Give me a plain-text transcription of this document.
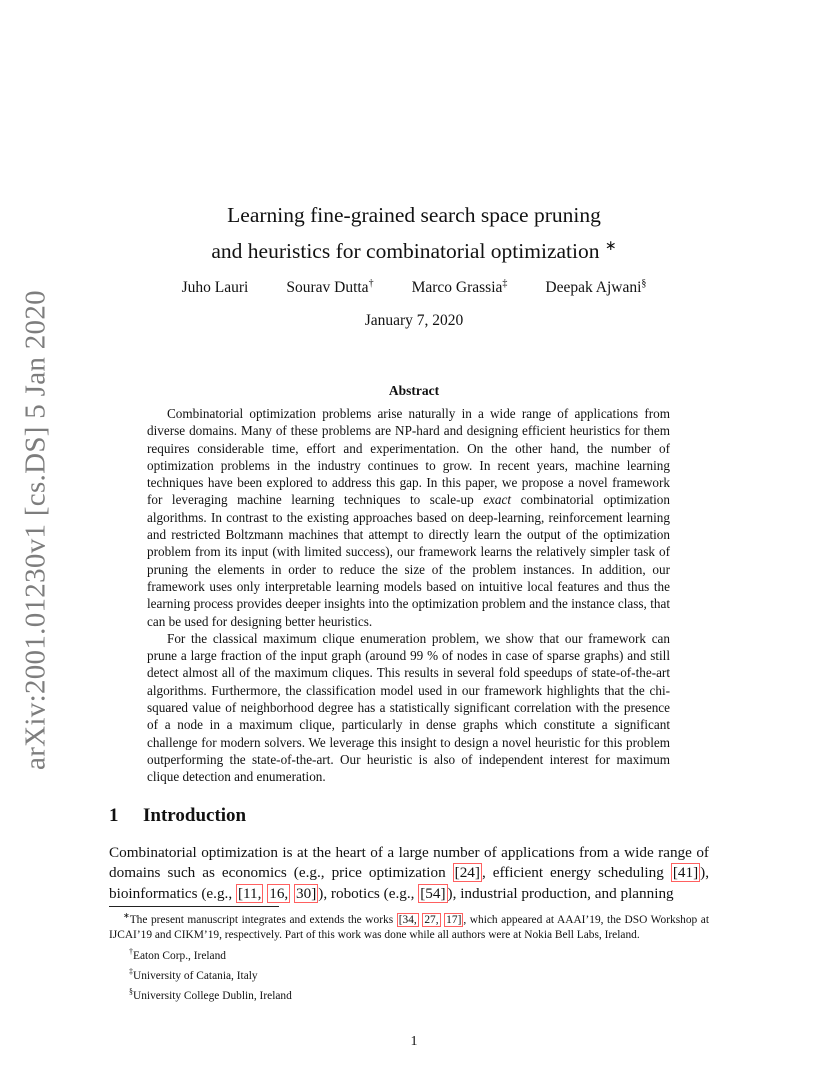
arXiv:2001.01230v1 [cs.DS] 5 Jan 2020
Learning fine-grained search space pruning
and heuristics for combinatorial optimization ∗
Juho Lauri Sourav Dutta† Marco Grassia‡ Deepak Ajwani§
January 7, 2020
Abstract

Combinatorial optimization problems arise naturally in a wide range of applications from diverse domains. Many of these problems are NP-hard and designing efficient heuristics for them requires considerable time, effort and experimentation. On the other hand, the number of optimization problems in the industry continues to grow. In recent years, machine learning techniques have been explored to address this gap. In this paper, we propose a novel framework for leveraging machine learning techniques to scale-up exact combinatorial optimization algorithms. In contrast to the existing approaches based on deep-learning, reinforcement learning and restricted Boltzmann machines that attempt to directly learn the output of the optimization problem from its input (with limited success), our framework learns the relatively simpler task of pruning the elements in order to reduce the size of the problem instances. In addition, our framework uses only interpretable learning models based on intuitive local features and thus the learning process provides deeper insights into the optimization problem and the instance class, that can be used for designing better heuristics.

For the classical maximum clique enumeration problem, we show that our framework can prune a large fraction of the input graph (around 99 % of nodes in case of sparse graphs) and still detect almost all of the maximum cliques. This results in several fold speedups of state-of-the-art algorithms. Furthermore, the classification model used in our framework highlights that the chi-squared value of neighborhood degree has a statistically significant correlation with the presence of a node in a maximum clique, particularly in dense graphs which constitute a significant challenge for modern solvers. We leverage this insight to design a novel heuristic for this problem outperforming the state-of-the-art. Our heuristic is also of independent interest for maximum clique detection and enumeration.

1 Introduction

Combinatorial optimization is at the heart of a large number of applications from a wide range of domains such as economics (e.g., price optimization [24] , efficient energy scheduling [41] ), bioinformatics (e.g., [11, 16, 30] ), robotics (e.g., [54] ), industrial production, and planning

∗The present manuscript integrates and extends the works [34, 27, 17] , which appeared at AAAI’19, the DSO Workshop at IJCAI’19 and CIKM’19, respectively. Part of this work was done while all authors were at Nokia Bell Labs, Ireland.

†Eaton Corp., Ireland

‡University of Catania, Italy

§University College Dublin, Ireland

1
